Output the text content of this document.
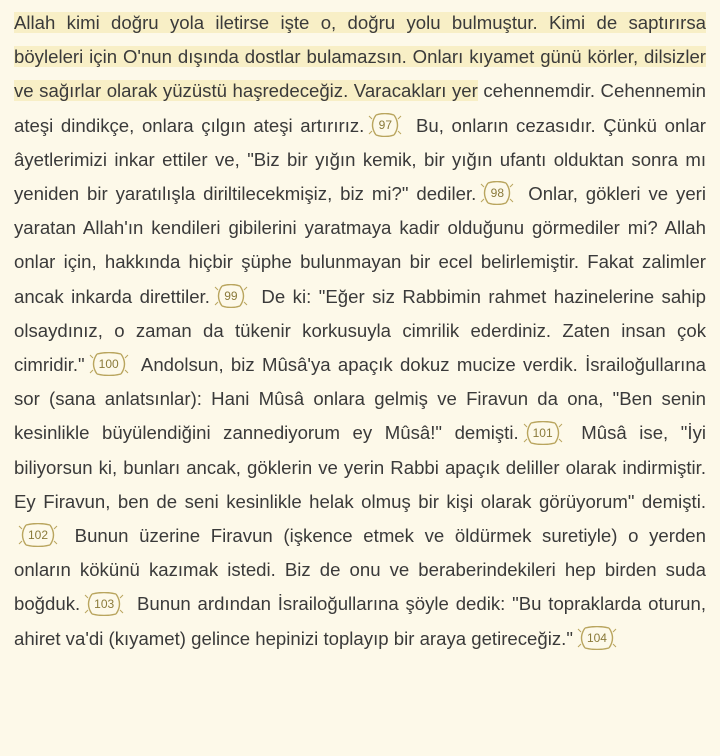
Allah kimi doğru yola iletirse işte o, doğru yolu bulmuştur. Kimi de saptırırsa böyleleri için O'nun dışında dostlar bulamazsın. Onları kıyamet günü körler, dilsizler ve sağırlar olarak yüzüstü haşredeceğiz. Varacakları yer cehennemdir. Cehennemin ateşi dindikçe, onlara çılgın ateşi artırırız.	97	Bu, onların cezasıdır. Çünkü onlar âyetlerimizi inkar ettiler ve, "Biz bir yığın kemik, bir yığın ufantı olduktan sonra mı yeniden bir yaratılışla diriltilecekmişiz, biz mi?" dediler.	98	Onlar, gökleri ve yeri yaratan Allah'ın kendileri gibilerini yaratmaya kadir olduğunu görmediler mi? Allah onlar için, hakkında hiçbir şüphe bulunmayan bir ecel belirlemiştir. Fakat zalimler ancak inkarda direttiler.	99	De ki: "Eğer siz Rabbimin rahmet hazinelerine sahip olsaydınız, o zaman da tükenir korkusuyla cimrilik ederdiniz. Zaten insan çok cimridir."	100	Andolsun, biz Mûsâ'ya apaçık dokuz mucize verdik. İsrailoğullarına sor (sana anlatsınlar): Hani Mûsâ onlara gelmiş ve Firavun da ona, "Ben senin kesinlikle büyülendiğini zannediyorum ey Mûsâ!" demişti.	101	Mûsâ ise, "İyi biliyorsun ki, bunları ancak, göklerin ve yerin Rabbi apaçık deliller olarak indirmiştir. Ey Firavun, ben de seni kesinlikle helak olmuş bir kişi olarak görüyorum" demişti.
102	Bunun üzerine Firavun (işkence etmek ve öldürmek suretiyle) o yerden onların kökünü kazımak istedi. Biz de onu ve beraberindekileri hep birden suda boğduk.	103	Bunun ardından İsrailoğullarına şöyle dedik: "Bu topraklarda oturun, ahiret va'di (kıyamet) gelince hepinizi toplayıp bir araya getireceğiz."	104
